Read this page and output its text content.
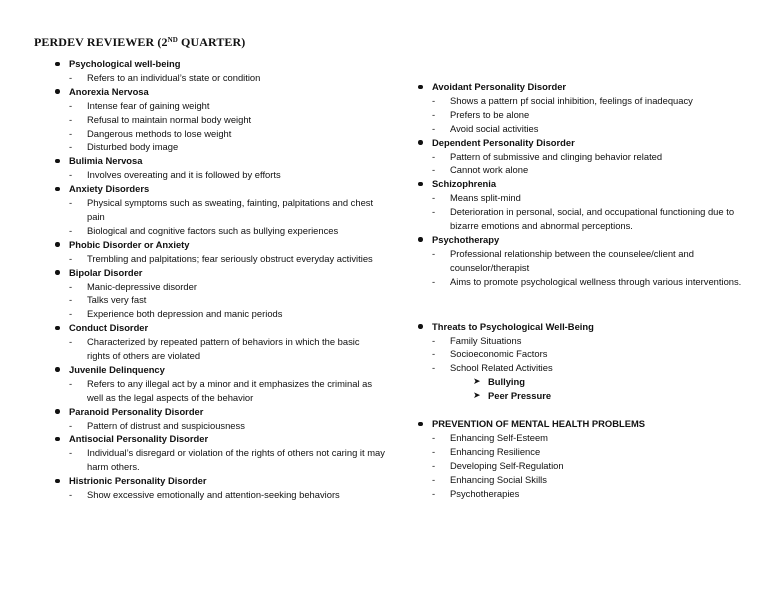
PERDEV REVIEWER (2ND QUARTER)
Psychological well-being
- Refers to an individual’s state or condition
Anorexia Nervosa
- Intense fear of gaining weight
- Refusal to maintain normal body weight
- Dangerous methods to lose weight
- Disturbed body image
Bulimia Nervosa
- Involves overeating and it is followed by efforts
Anxiety Disorders
- Physical symptoms such as sweating, fainting, palpitations and chest pain
- Biological and cognitive factors such as bullying experiences
Phobic Disorder or Anxiety
- Trembling and palpitations; fear seriously obstruct everyday activities
Bipolar Disorder
- Manic-depressive disorder
- Talks very fast
- Experience both depression and manic periods
Conduct Disorder
- Characterized by repeated pattern of behaviors in which the basic rights of others are violated
Juvenile Delinquency
- Refers to any illegal act by a minor and it emphasizes the criminal as well as the legal aspects of the behavior
Paranoid Personality Disorder
- Pattern of distrust and suspiciousness
Antisocial Personality Disorder
- Individual’s disregard or violation of the rights of others not caring it may harm others.
Histrionic Personality Disorder
- Show excessive emotionally and attention-seeking behaviors
Avoidant Personality Disorder
- Shows a pattern pf social inhibition, feelings of inadequacy
- Prefers to be alone
- Avoid social activities
Dependent Personality Disorder
- Pattern of submissive and clinging behavior related
- Cannot work alone
Schizophrenia
- Means split-mind
- Deterioration in personal, social, and occupational functioning due to bizarre emotions and abnormal perceptions.
Psychotherapy
- Professional relationship between the counselee/client and counselor/therapist
- Aims to promote psychological wellness through various interventions.
Threats to Psychological Well-Being
- Family Situations
- Socioeconomic Factors
- School Related Activities
➤ Bullying
➤ Peer Pressure
PREVENTION OF MENTAL HEALTH PROBLEMS
- Enhancing Self-Esteem
- Enhancing Resilience
- Developing Self-Regulation
- Enhancing Social Skills
- Psychotherapies
